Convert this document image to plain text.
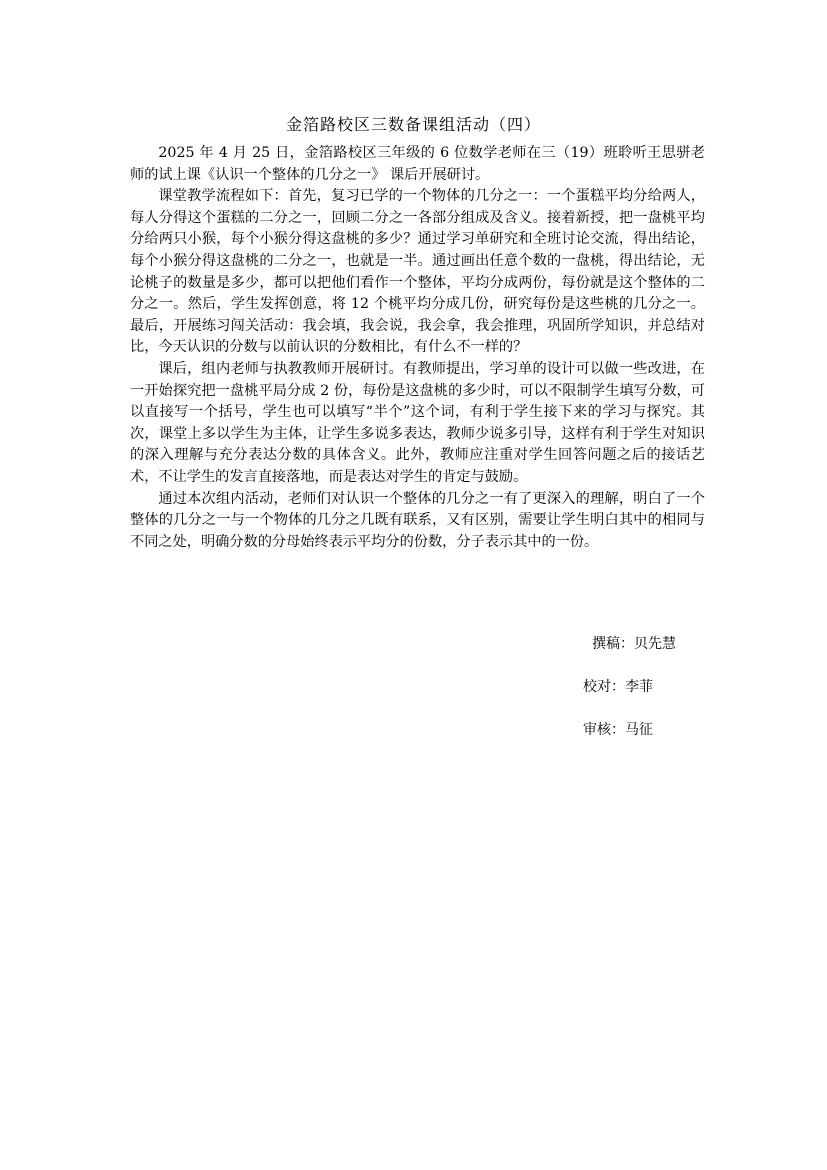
金箔路校区三数备课组活动（四）

2025 年 4 月 25 日，金箔路校区三年级的 6 位数学老师在三（19）班聆听王思骈老师的试上课《认识一个整体的几分之一》 课后开展研讨。

课堂教学流程如下：首先，复习已学的一个物体的几分之一：一个蛋糕平均分给两人，每人分得这个蛋糕的二分之一，回顾二分之一各部分组成及含义。接着新授，把一盘桃平均分给两只小猴，每个小猴分得这盘桃的多少？通过学习单研究和全班讨论交流，得出结论，每个小猴分得这盘桃的二分之一，也就是一半。通过画出任意个数的一盘桃，得出结论，无论桃子的数量是多少，都可以把他们看作一个整体，平均分成两份，每份就是这个整体的二分之一。然后，学生发挥创意，将 12 个桃平均分成几份，研究每份是这些桃的几分之一。最后，开展练习闯关活动：我会填，我会说，我会拿，我会推理，巩固所学知识，并总结对比，今天认识的分数与以前认识的分数相比，有什么不一样的？

课后，组内老师与执教教师开展研讨。有教师提出，学习单的设计可以做一些改进，在一开始探究把一盘桃平局分成 2 份，每份是这盘桃的多少时，可以不限制学生填写分数，可以直接写一个括号，学生也可以填写“半个”这个词，有利于学生接下来的学习与探究。其次，课堂上多以学生为主体，让学生多说多表达，教师少说多引导，这样有利于学生对知识的深入理解与充分表达分数的具体含义。此外，教师应注重对学生回答问题之后的接话艺术，不让学生的发言直接落地，而是表达对学生的肯定与鼓励。

通过本次组内活动，老师们对认识一个整体的几分之一有了更深入的理解，明白了一个整体的几分之一与一个物体的几分之几既有联系，又有区别，需要让学生明白其中的相同与不同之处，明确分数的分母始终表示平均分的份数，分子表示其中的一份。

撰稿：贝先慧
校对：李菲
审核：马征
